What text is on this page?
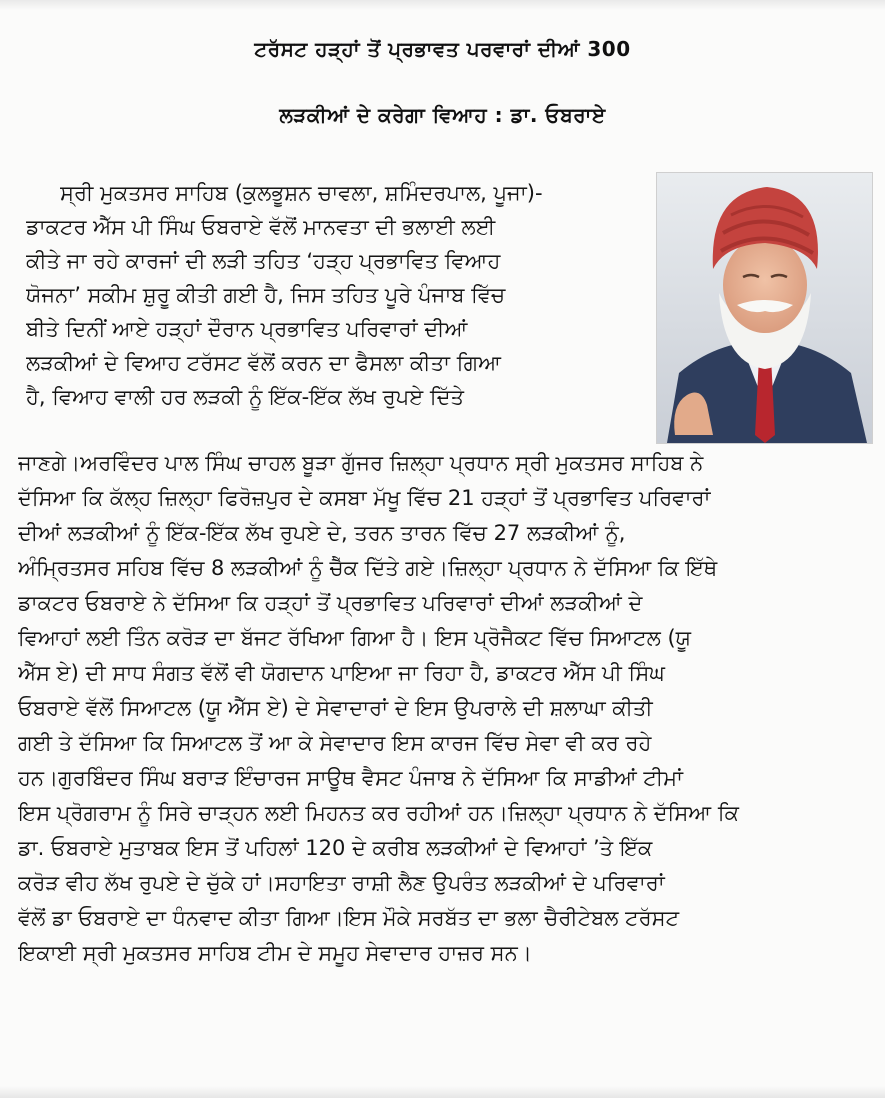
ਟਰੱਸਟ ਹੜ੍ਹਾਂ ਤੋਂ ਪ੍ਰਭਾਵਤ ਪਰਵਾਰਾਂ ਦੀਆਂ 300
ਲੜਕੀਆਂ ਦੇ ਕਰੇਗਾ ਵਿਆਹ : ਡਾ. ਓਬਰਾਏ
ਸ੍ਰੀ ਮੁਕਤਸਰ ਸਾਹਿਬ (ਕੁਲਭੂਸ਼ਨ ਚਾਵਲਾ, ਸ਼ਮਿੰਦਰਪਾਲ, ਪੂਜਾ)-
ਡਾਕਟਰ ਐੱਸ ਪੀ ਸਿੰਘ ਓਬਰਾਏ ਵੱਲੋਂ ਮਾਨਵਤਾ ਦੀ ਭਲਾਈ ਲਈ
ਕੀਤੇ ਜਾ ਰਹੇ ਕਾਰਜਾਂ ਦੀ ਲੜੀ ਤਹਿਤ ‘ਹੜ੍ਹ ਪ੍ਰਭਾਵਿਤ ਵਿਆਹ
ਯੋਜਨਾ’ ਸਕੀਮ ਸ਼ੁਰੂ ਕੀਤੀ ਗਈ ਹੈ, ਜਿਸ ਤਹਿਤ ਪੂਰੇ ਪੰਜਾਬ ਵਿੱਚ
ਬੀਤੇ ਦਿਨੀਂ ਆਏ ਹੜ੍ਹਾਂ ਦੌਰਾਨ ਪ੍ਰਭਾਵਿਤ ਪਰਿਵਾਰਾਂ ਦੀਆਂ
ਲੜਕੀਆਂ ਦੇ ਵਿਆਹ ਟਰੱਸਟ ਵੱਲੋਂ ਕਰਨ ਦਾ ਫੈਸਲਾ ਕੀਤਾ ਗਿਆ
ਹੈ, ਵਿਆਹ ਵਾਲੀ ਹਰ ਲੜਕੀ ਨੂੰ ਇੱਕ-ਇੱਕ ਲੱਖ ਰੁਪਏ ਦਿੱਤੇ
ਜਾਣਗੇ।ਅਰਵਿੰਦਰ ਪਾਲ ਸਿੰਘ ਚਾਹਲ ਬੂੜਾ ਗੁੱਜਰ ਜ਼ਿਲ੍ਹਾ ਪ੍ਰਧਾਨ ਸ੍ਰੀ ਮੁਕਤਸਰ ਸਾਹਿਬ ਨੇ
ਦੱਸਿਆ ਕਿ ਕੱਲ੍ਹ ਜ਼ਿਲ੍ਹਾ ਫਿਰੋਜ਼ਪੁਰ ਦੇ ਕਸਬਾ ਮੱਖੂ ਵਿੱਚ 21 ਹੜ੍ਹਾਂ ਤੋਂ ਪ੍ਰਭਾਵਿਤ ਪਰਿਵਾਰਾਂ
ਦੀਆਂ ਲੜਕੀਆਂ ਨੂੰ ਇੱਕ-ਇੱਕ ਲੱਖ ਰੁਪਏ ਦੇ, ਤਰਨ ਤਾਰਨ ਵਿੱਚ 27 ਲੜਕੀਆਂ ਨੂੰ,
ਅੰਮ੍ਰਿਤਸਰ ਸਹਿਬ ਵਿੱਚ 8 ਲੜਕੀਆਂ ਨੂੰ ਚੈੱਕ ਦਿੱਤੇ ਗਏ।ਜ਼ਿਲ੍ਹਾ ਪ੍ਰਧਾਨ ਨੇ ਦੱਸਿਆ ਕਿ ਇੱਥੇ
ਡਾਕਟਰ ਓਬਰਾਏ ਨੇ ਦੱਸਿਆ ਕਿ ਹੜ੍ਹਾਂ ਤੋਂ ਪ੍ਰਭਾਵਿਤ ਪਰਿਵਾਰਾਂ ਦੀਆਂ ਲੜਕੀਆਂ ਦੇ
ਵਿਆਹਾਂ ਲਈ ਤਿੰਨ ਕਰੋੜ ਦਾ ਬੱਜਟ ਰੱਖਿਆ ਗਿਆ ਹੈ। ਇਸ ਪ੍ਰੋਜੈਕਟ ਵਿੱਚ ਸਿਆਟਲ (ਯੂ
ਐੱਸ ਏ) ਦੀ ਸਾਧ ਸੰਗਤ ਵੱਲੋਂ ਵੀ ਯੋਗਦਾਨ ਪਾਇਆ ਜਾ ਰਿਹਾ ਹੈ, ਡਾਕਟਰ ਐੱਸ ਪੀ ਸਿੰਘ
ਓਬਰਾਏ ਵੱਲੋਂ ਸਿਆਟਲ (ਯੂ ਐੱਸ ਏ) ਦੇ ਸੇਵਾਦਾਰਾਂ ਦੇ ਇਸ ਉਪਰਾਲੇ ਦੀ ਸ਼ਲਾਘਾ ਕੀਤੀ
ਗਈ ਤੇ ਦੱਸਿਆ ਕਿ ਸਿਆਟਲ ਤੋਂ ਆ ਕੇ ਸੇਵਾਦਾਰ ਇਸ ਕਾਰਜ ਵਿੱਚ ਸੇਵਾ ਵੀ ਕਰ ਰਹੇ
ਹਨ।ਗੁਰਬਿੰਦਰ ਸਿੰਘ ਬਰਾੜ ਇੰਚਾਰਜ ਸਾਊਥ ਵੈਸਟ ਪੰਜਾਬ ਨੇ ਦੱਸਿਆ ਕਿ ਸਾਡੀਆਂ ਟੀਮਾਂ
ਇਸ ਪ੍ਰੋਗਰਾਮ ਨੂੰ ਸਿਰੇ ਚਾੜ੍ਹਨ ਲਈ ਮਿਹਨਤ ਕਰ ਰਹੀਆਂ ਹਨ।ਜ਼ਿਲ੍ਹਾ ਪ੍ਰਧਾਨ ਨੇ ਦੱਸਿਆ ਕਿ
ਡਾ. ਓਬਰਾਏ ਮੁਤਾਬਕ ਇਸ ਤੋਂ ਪਹਿਲਾਂ 120 ਦੇ ਕਰੀਬ ਲੜਕੀਆਂ ਦੇ ਵਿਆਹਾਂ ’ਤੇ ਇੱਕ
ਕਰੋੜ ਵੀਹ ਲੱਖ ਰੁਪਏ ਦੇ ਚੁੱਕੇ ਹਾਂ।ਸਹਾਇਤਾ ਰਾਸ਼ੀ ਲੈਣ ਉਪਰੰਤ ਲੜਕੀਆਂ ਦੇ ਪਰਿਵਾਰਾਂ
ਵੱਲੋਂ ਡਾ ਓਬਰਾਏ ਦਾ ਧੰਨਵਾਦ ਕੀਤਾ ਗਿਆ।ਇਸ ਮੌਕੇ ਸਰਬੱਤ ਦਾ ਭਲਾ ਚੈਰੀਟੇਬਲ ਟਰੱਸਟ
ਇਕਾਈ ਸ੍ਰੀ ਮੁਕਤਸਰ ਸਾਹਿਬ ਟੀਮ ਦੇ ਸਮੂਹ ਸੇਵਾਦਾਰ ਹਾਜ਼ਰ ਸਨ।
